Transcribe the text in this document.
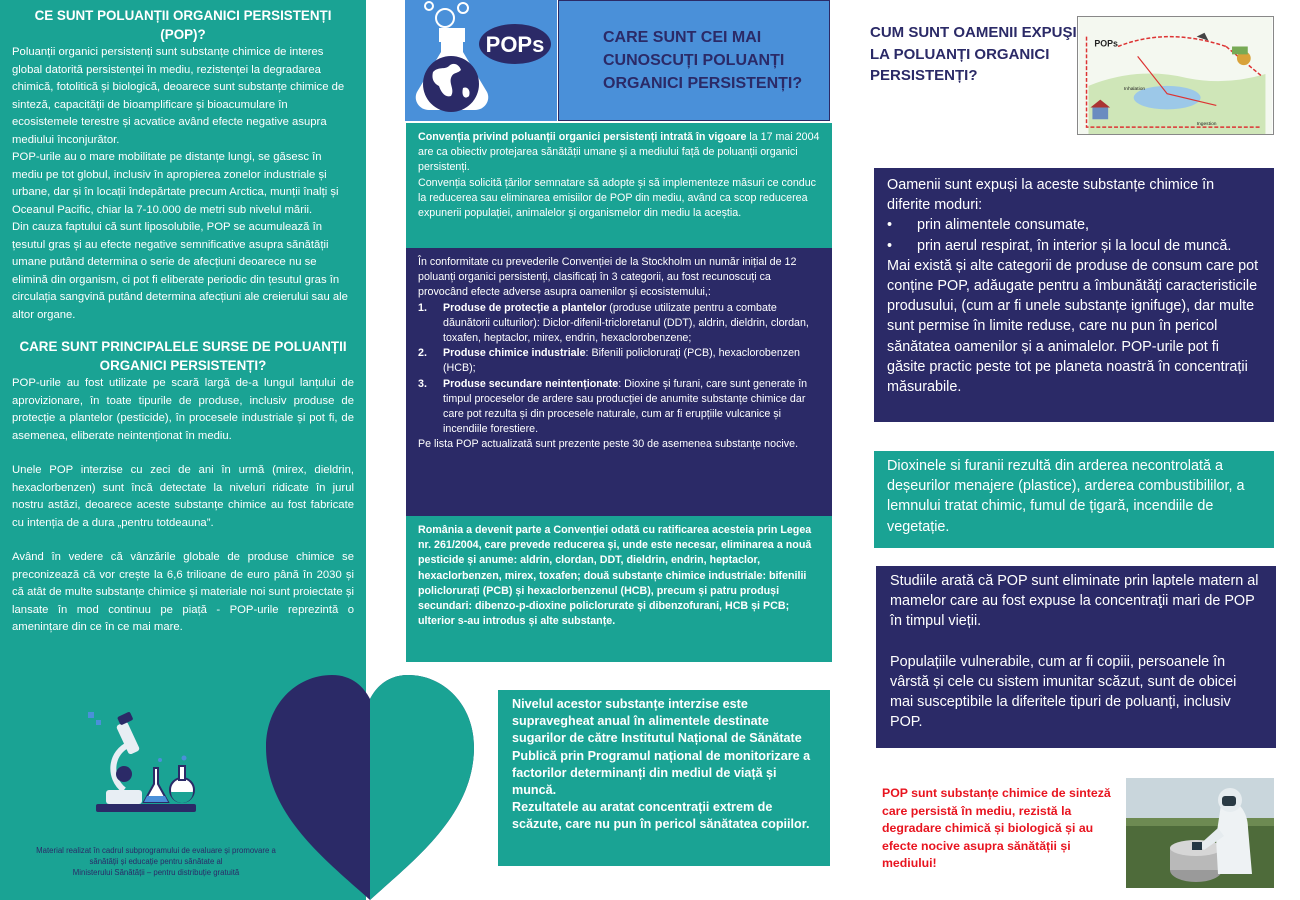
CE SUNT POLUANȚII ORGANICI PERSISTENȚI (POP)?

Poluanții organici persistenți sunt substanțe chimice de interes global datorită persistenței în mediu, rezistenței la degradarea chimică, fotolitică și biologică, deoarece sunt substanțe chimice de sinteză, capacității de bioamplificare și bioacumulare în ecosistemele terestre și acvatice având efecte negative asupra mediului înconjurător.

POP-urile au o mare mobilitate pe distanțe lungi, se găsesc în mediu pe tot globul, inclusiv în apropierea zonelor industriale și urbane, dar și în locații îndepărtate precum Arctica, munții înalți și Oceanul Pacific, chiar la 7-10.000 de metri sub nivelul mării.

Din cauza faptului că sunt liposolubile, POP se acumulează în țesutul gras și au efecte negative semnificative asupra sănătății umane putând determina o serie de afecțiuni deoarece nu se elimină din organism, ci pot fi eliberate periodic din țesutul gras în circulația sangvină putând determina afecțiuni ale creierului sau ale altor organe.

CARE SUNT PRINCIPALELE SURSE DE POLUANȚII ORGANICI PERSISTENȚI?

POP-urile au fost utilizate pe scară largă de-a lungul lanțului de aprovizionare, în toate tipurile de produse, inclusiv produse de protecție a plantelor (pesticide), în procesele industriale și pot fi, de asemenea, eliberate neintenționat în mediu.

Unele POP interzise cu zeci de ani în urmă (mirex, dieldrin, hexaclorbenzen) sunt încă detectate la niveluri ridicate în jurul nostru astăzi, deoarece aceste substanțe chimice au fost fabricate cu intenția de a dura „pentru totdeauna”.

Având în vedere că vânzările globale de produse chimice se preconizează că vor crește la 6,6 trilioane de euro până în 2030 și că atât de multe substanțe chimice și materiale noi sunt proiectate și lansate în mod continuu pe piață - POP-urile reprezintă o amenințare din ce în ce mai mare.

Material realizat în cadrul subprogramului de evaluare și promovare a
sănătății și educație pentru sănătate al
Ministerului Sănătății – pentru distribuție gratuită
POPs	CARE SUNT CEI MAI CUNOSCUȚI POLUANȚI ORGANICI PERSISTENȚI?

Convenția privind poluanții organici persistenți intrată în vigoare la 17 mai 2004 are ca obiectiv protejarea sănătății umane și a mediului față de poluanții organici persistenți.

Convenția solicită țărilor semnatare să adopte și să implementeze măsuri ce conduc la reducerea sau eliminarea emisiilor de POP din mediu, având ca scop reducerea expunerii populației, animalelor și organismelor din mediu la aceștia.

În conformitate cu prevederile Convenției de la Stockholm un număr inițial de 12 poluanți organici persistenți, clasificați în 3 categorii, au fost recunoscuți ca provocând efecte adverse asupra oamenilor și ecosistemului,:

1.	Produse de protecție a plantelor (produse utilizate pentru a combate dăunătorii culturilor): Diclor-difenil-tricloretanul (DDT), aldrin, dieldrin, clordan, toxafen, heptaclor, mirex, endrin, hexaclorobenzene;
2.	Produse chimice industriale: Bifenili policlorurați (PCB), hexaclorobenzen (HCB);
3.	Produse secundare neintenționate: Dioxine și furani, care sunt generate în timpul proceselor de ardere sau producției de anumite substanțe chimice dar care pot rezulta și din procesele naturale, cum ar fi erupțiile vulcanice și incendiile forestiere.

Pe lista POP actualizată sunt prezente peste 30 de asemenea substanțe nocive.

România a devenit parte a Convenției odată cu ratificarea acesteia prin Legea nr. 261/2004, care prevede reducerea și, unde este necesar, eliminarea a nouă pesticide și anume: aldrin, clordan, DDT, dieldrin, endrin, heptaclor, hexaclorbenzen, mirex, toxafen; două substanțe chimice industriale: bifenilii policlorurați (PCB) și hexaclorbenzenul (HCB), precum și patru produși secundari: dibenzo-p-dioxine policlorurate și dibenzofurani, HCB și PCB; ulterior s-au introdus și alte substanțe.

Nivelul acestor substanțe interzise este supravegheat anual în alimentele destinate sugarilor de către Institutul Național de Sănătate Publică prin Programul național de monitorizare a factorilor determinanți din mediul de viață și muncă.

Rezultatele au aratat concentrații extrem de scăzute, care nu pun în pericol sănătatea copiilor.

CUM SUNT OAMENII EXPUŞI LA POLUANȚI ORGANICI PERSISTENȚI?
POPs
Inhalation
Ingestion

Oamenii sunt expuși la aceste substanțe chimice în diferite moduri:

•	prin alimentele consumate,
•	prin aerul respirat, în interior și la locul de muncă.

Mai există și alte categorii de produse de consum care pot conține POP, adăugate pentru a îmbunătăți caracteristicile produsului, (cum ar fi unele substanțe ignifuge), dar multe sunt permise în limite reduse, care nu pun în pericol sănătatea oamenilor și a animalelor. POP-urile pot fi găsite practic peste tot pe planeta noastră în concentrații măsurabile.

Dioxinele si furanii rezultă din arderea necontrolată a deșeurilor menajere (plastice), arderea combustibililor, a lemnului tratat chimic, fumul de țigară, incendiile de vegetație.

Studiile arată că POP sunt eliminate prin laptele matern al mamelor care au fost expuse la concentraţii mari de POP în timpul vieții.

Populațiile vulnerabile, cum ar fi copiii, persoanele în vârstă și cele cu sistem imunitar scăzut, sunt de obicei mai susceptibile la diferitele tipuri de poluanți, inclusiv POP.

POP sunt substanțe chimice de sinteză care persistă în mediu, rezistă la degradare chimică și biologică și au efecte nocive asupra sănătății și mediului!
